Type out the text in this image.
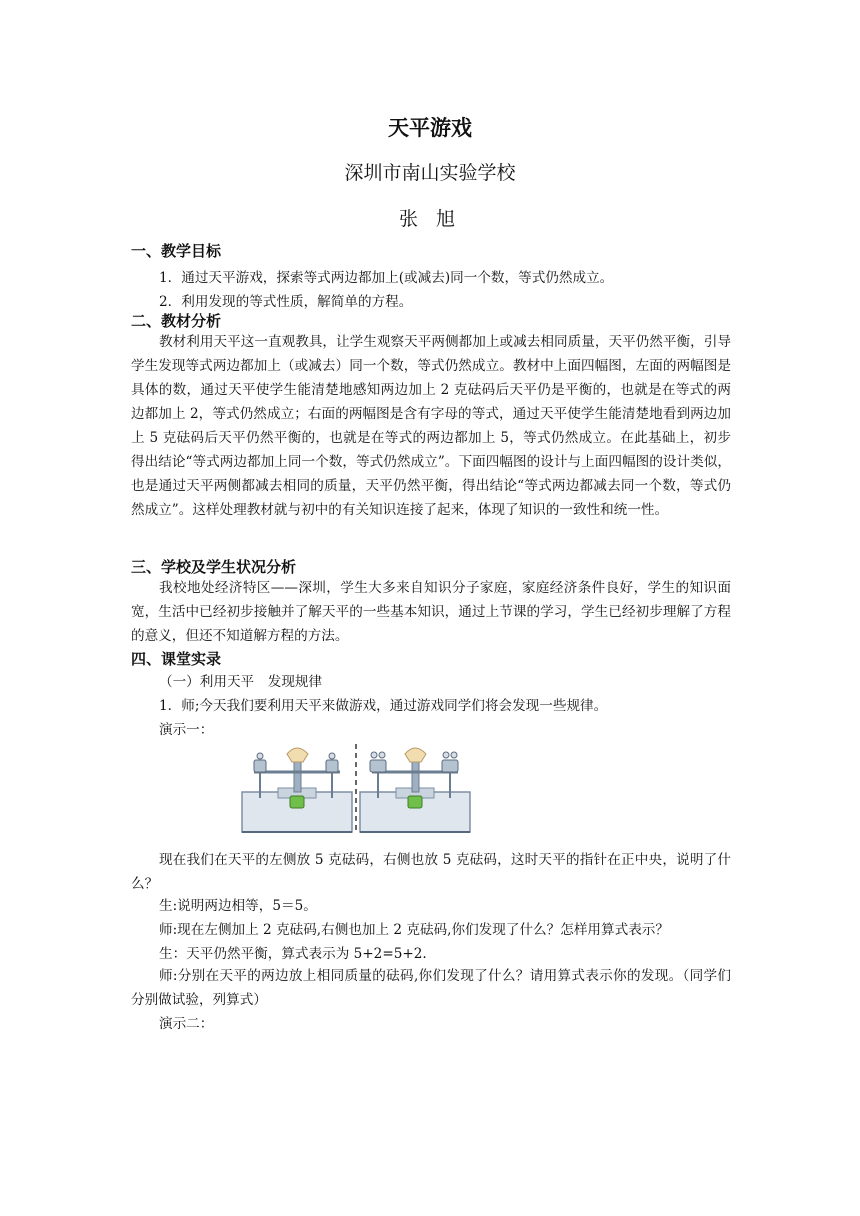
天平游戏
深圳市南山实验学校
张 旭
一、教学目标
1．通过天平游戏，探索等式两边都加上(或减去)同一个数，等式仍然成立。
2．利用发现的等式性质，解简单的方程。
二、教材分析
教材利用天平这一直观教具，让学生观察天平两侧都加上或减去相同质量，天平仍然平衡，引导学生发现等式两边都加上（或减去）同一个数，等式仍然成立。教材中上面四幅图，左面的两幅图是具体的数，通过天平使学生能清楚地感知两边加上 2 克砝码后天平仍是平衡的，也就是在等式的两边都加上 2，等式仍然成立；右面的两幅图是含有字母的等式，通过天平使学生能清楚地看到两边加上 5 克砝码后天平仍然平衡的，也就是在等式的两边都加上 5，等式仍然成立。在此基础上，初步得出结论“等式两边都加上同一个数，等式仍然成立”。下面四幅图的设计与上面四幅图的设计类似，也是通过天平两侧都减去相同的质量，天平仍然平衡，得出结论“等式两边都减去同一个数，等式仍然成立”。这样处理教材就与初中的有关知识连接了起来，体现了知识的一致性和统一性。
三、学校及学生状况分析
我校地处经济特区——深圳，学生大多来自知识分子家庭，家庭经济条件良好，学生的知识面宽，生活中已经初步接触并了解天平的一些基本知识，通过上节课的学习，学生已经初步理解了方程的意义，但还不知道解方程的方法。
四、课堂实录
（一）利用天平　发现规律
1．师;今天我们要利用天平来做游戏，通过游戏同学们将会发现一些规律。
演示一：
现在我们在天平的左侧放 5 克砝码，右侧也放 5 克砝码，这时天平的指针在正中央，说明了什么？
生:说明两边相等，5＝5。
师:现在左侧加上 2 克砝码,右侧也加上 2 克砝码,你们发现了什么？怎样用算式表示？
生：天平仍然平衡，算式表示为 5+2=5+2.
师:分别在天平的两边放上相同质量的砝码,你们发现了什么？请用算式表示你的发现。（同学们分别做试验，列算式）
演示二：
